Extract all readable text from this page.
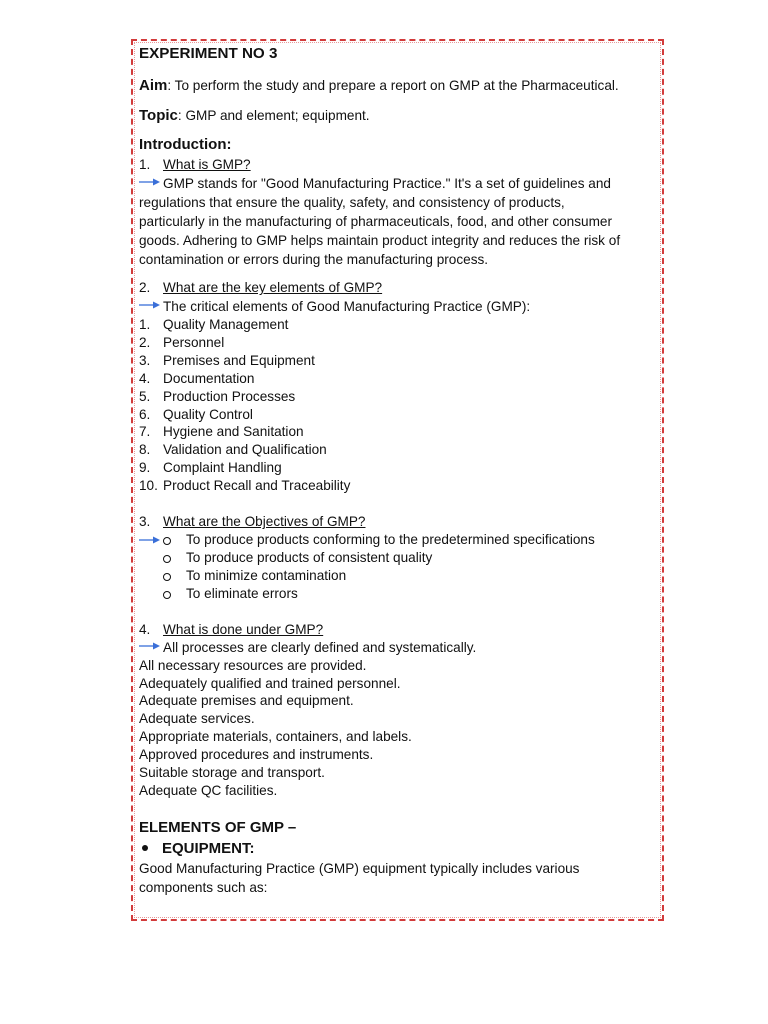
EXPERIMENT NO 3
Aim: To perform the study and prepare a report on GMP at the Pharmaceutical.
Topic: GMP and element; equipment.
Introduction:
1. What is GMP?
GMP stands for "Good Manufacturing Practice." It's a set of guidelines and
regulations that ensure the quality, safety, and consistency of products,
particularly in the manufacturing of pharmaceuticals, food, and other consumer
goods. Adhering to GMP helps maintain product integrity and reduces the risk of
contamination or errors during the manufacturing process.
2. What are the key elements of GMP?
The critical elements of Good Manufacturing Practice (GMP):
1. Quality Management
2. Personnel
3. Premises and Equipment
4. Documentation
5. Production Processes
6. Quality Control
7. Hygiene and Sanitation
8. Validation and Qualification
9. Complaint Handling
10. Product Recall and Traceability
3. What are the Objectives of GMP?
To produce products conforming to the predetermined specifications
To produce products of consistent quality
To minimize contamination
To eliminate errors
4. What is done under GMP?
All processes are clearly defined and systematically.
All necessary resources are provided.
Adequately qualified and trained personnel.
Adequate premises and equipment.
Adequate services.
Appropriate materials, containers, and labels.
Approved procedures and instruments.
Suitable storage and transport.
Adequate QC facilities.
ELEMENTS OF GMP –
EQUIPMENT:
Good Manufacturing Practice (GMP) equipment typically includes various
components such as:
